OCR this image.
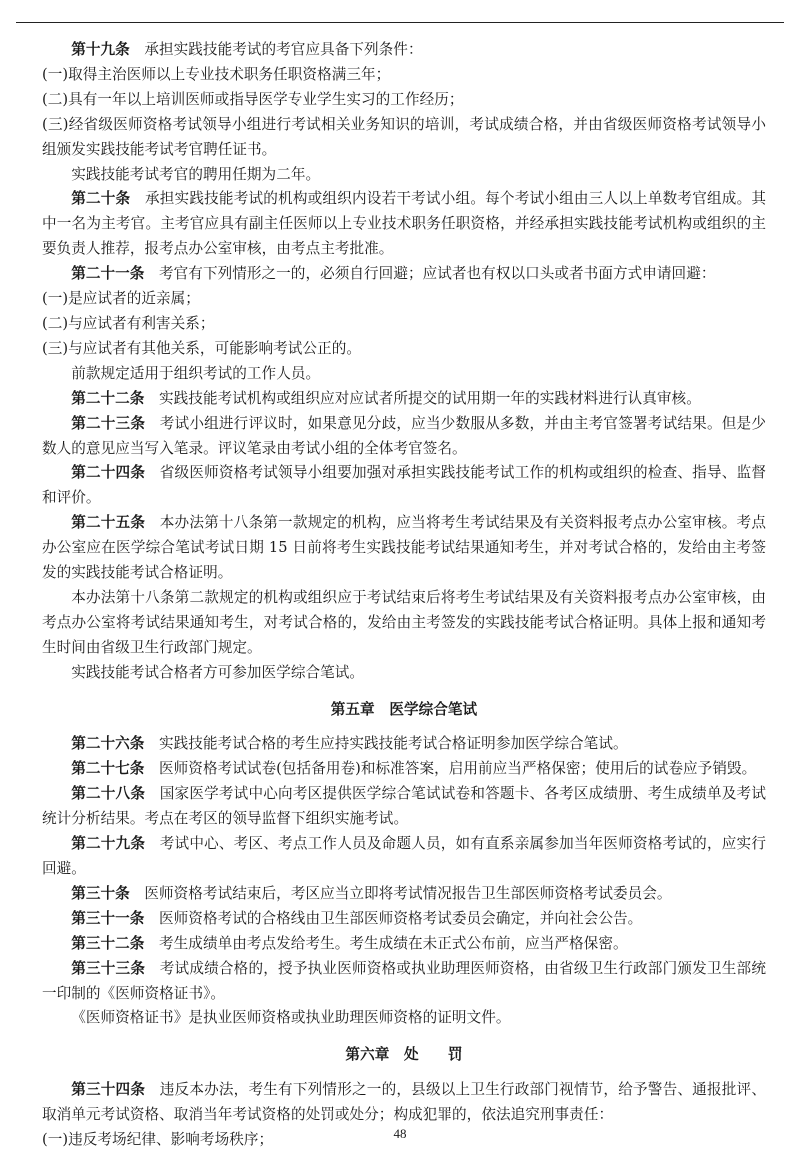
第十九条 承担实践技能考试的考官应具备下列条件：

(一)取得主治医师以上专业技术职务任职资格满三年；

(二)具有一年以上培训医师或指导医学专业学生实习的工作经历；

(三)经省级医师资格考试领导小组进行考试相关业务知识的培训，考试成绩合格，并由省级医师资格考试领导小组颁发实践技能考试考官聘任证书。

实践技能考试考官的聘用任期为二年。

第二十条 承担实践技能考试的机构或组织内设若干考试小组。每个考试小组由三人以上单数考官组成。其中一名为主考官。主考官应具有副主任医师以上专业技术职务任职资格，并经承担实践技能考试机构或组织的主要负责人推荐，报考点办公室审核，由考点主考批准。

第二十一条 考官有下列情形之一的，必须自行回避；应试者也有权以口头或者书面方式申请回避：

(一)是应试者的近亲属；

(二)与应试者有利害关系；

(三)与应试者有其他关系，可能影响考试公正的。

前款规定适用于组织考试的工作人员。

第二十二条 实践技能考试机构或组织应对应试者所提交的试用期一年的实践材料进行认真审核。

第二十三条 考试小组进行评议时，如果意见分歧，应当少数服从多数，并由主考官签署考试结果。但是少数人的意见应当写入笔录。评议笔录由考试小组的全体考官签名。

第二十四条 省级医师资格考试领导小组要加强对承担实践技能考试工作的机构或组织的检查、指导、监督和评价。

第二十五条 本办法第十八条第一款规定的机构，应当将考生考试结果及有关资料报考点办公室审核。考点办公室应在医学综合笔试考试日期 15 日前将考生实践技能考试结果通知考生，并对考试合格的，发给由主考签发的实践技能考试合格证明。

本办法第十八条第二款规定的机构或组织应于考试结束后将考生考试结果及有关资料报考点办公室审核，由考点办公室将考试结果通知考生，对考试合格的，发给由主考签发的实践技能考试合格证明。具体上报和通知考生时间由省级卫生行政部门规定。

实践技能考试合格者方可参加医学综合笔试。

第五章　医学综合笔试

第二十六条 实践技能考试合格的考生应持实践技能考试合格证明参加医学综合笔试。

第二十七条 医师资格考试试卷(包括备用卷)和标准答案，启用前应当严格保密；使用后的试卷应予销毁。

第二十八条 国家医学考试中心向考区提供医学综合笔试试卷和答题卡、各考区成绩册、考生成绩单及考试统计分析结果。考点在考区的领导监督下组织实施考试。

第二十九条 考试中心、考区、考点工作人员及命题人员，如有直系亲属参加当年医师资格考试的，应实行回避。

第三十条 医师资格考试结束后，考区应当立即将考试情况报告卫生部医师资格考试委员会。

第三十一条 医师资格考试的合格线由卫生部医师资格考试委员会确定，并向社会公告。

第三十二条 考生成绩单由考点发给考生。考生成绩在未正式公布前，应当严格保密。

第三十三条 考试成绩合格的，授予执业医师资格或执业助理医师资格，由省级卫生行政部门颁发卫生部统一印制的《医师资格证书》。

《医师资格证书》是执业医师资格或执业助理医师资格的证明文件。

第六章　处　　罚

第三十四条 违反本办法，考生有下列情形之一的，县级以上卫生行政部门视情节，给予警告、通报批评、取消单元考试资格、取消当年考试资格的处罚或处分；构成犯罪的，依法追究刑事责任：

(一)违反考场纪律、影响考场秩序；	48
